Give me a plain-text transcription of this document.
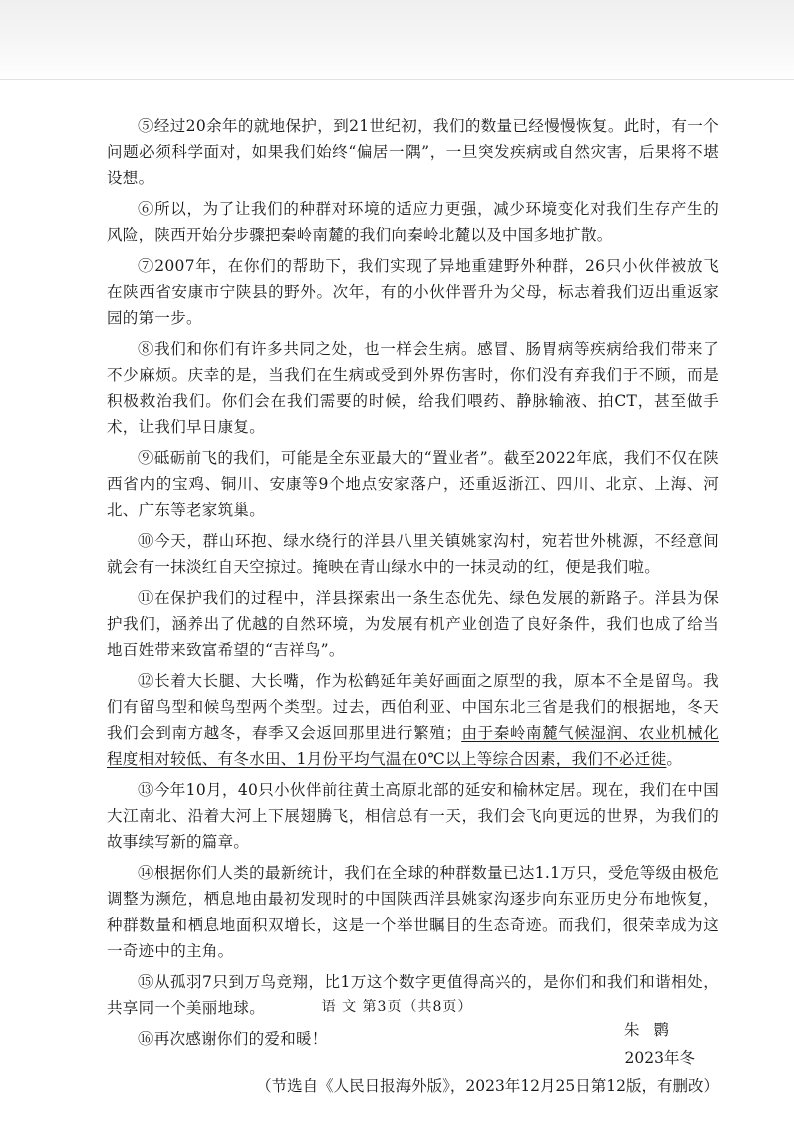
⑤经过20余年的就地保护，到21世纪初，我们的数量已经慢慢恢复。此时，有一个问题必须科学面对，如果我们始终“偏居一隅”，一旦突发疾病或自然灾害，后果将不堪设想。

⑥所以，为了让我们的种群对环境的适应力更强，减少环境变化对我们生存产生的风险，陕西开始分步骤把秦岭南麓的我们向秦岭北麓以及中国多地扩散。

⑦2007年，在你们的帮助下，我们实现了异地重建野外种群，26只小伙伴被放飞在陕西省安康市宁陕县的野外。次年，有的小伙伴晋升为父母，标志着我们迈出重返家园的第一步。

⑧我们和你们有许多共同之处，也一样会生病。感冒、肠胃病等疾病给我们带来了不少麻烦。庆幸的是，当我们在生病或受到外界伤害时，你们没有弃我们于不顾，而是积极救治我们。你们会在我们需要的时候，给我们喂药、静脉输液、拍CT，甚至做手术，让我们早日康复。

⑨砥砺前飞的我们，可能是全东亚最大的“置业者”。截至2022年底，我们不仅在陕西省内的宝鸡、铜川、安康等9个地点安家落户，还重返浙江、四川、北京、上海、河北、广东等老家筑巢。

⑩今天，群山环抱、绿水绕行的洋县八里关镇姚家沟村，宛若世外桃源，不经意间就会有一抹淡红自天空掠过。掩映在青山绿水中的一抹灵动的红，便是我们啦。

⑪在保护我们的过程中，洋县探索出一条生态优先、绿色发展的新路子。洋县为保护我们，涵养出了优越的自然环境，为发展有机产业创造了良好条件，我们也成了给当地百姓带来致富希望的“吉祥鸟”。

⑫长着大长腿、大长嘴，作为松鹤延年美好画面之原型的我，原本不全是留鸟。我们有留鸟型和候鸟型两个类型。过去，西伯利亚、中国东北三省是我们的根据地，冬天我们会到南方越冬，春季又会返回那里进行繁殖；由于秦岭南麓气候湿润、农业机械化程度相对较低、有冬水田、1月份平均气温在0℃以上等综合因素，我们不必迁徙。

⑬今年10月，40只小伙伴前往黄土高原北部的延安和榆林定居。现在，我们在中国大江南北、沿着大河上下展翅腾飞，相信总有一天，我们会飞向更远的世界，为我们的故事续写新的篇章。

⑭根据你们人类的最新统计，我们在全球的种群数量已达1.1万只，受危等级由极危调整为濒危，栖息地由最初发现时的中国陕西洋县姚家沟逐步向东亚历史分布地恢复，种群数量和栖息地面积双增长，这是一个举世瞩目的生态奇迹。而我们，很荣幸成为这一奇迹中的主角。

⑮从孤羽7只到万鸟竞翔，比1万这个数字更值得高兴的，是你们和我们和谐相处，共享同一个美丽地球。

⑯再次感谢你们的爱和暖！	朱鹮
2023年冬
（节选自《人民日报海外版》，2023年12月25日第12版，有删改）
语 文 第3页（共8页）
